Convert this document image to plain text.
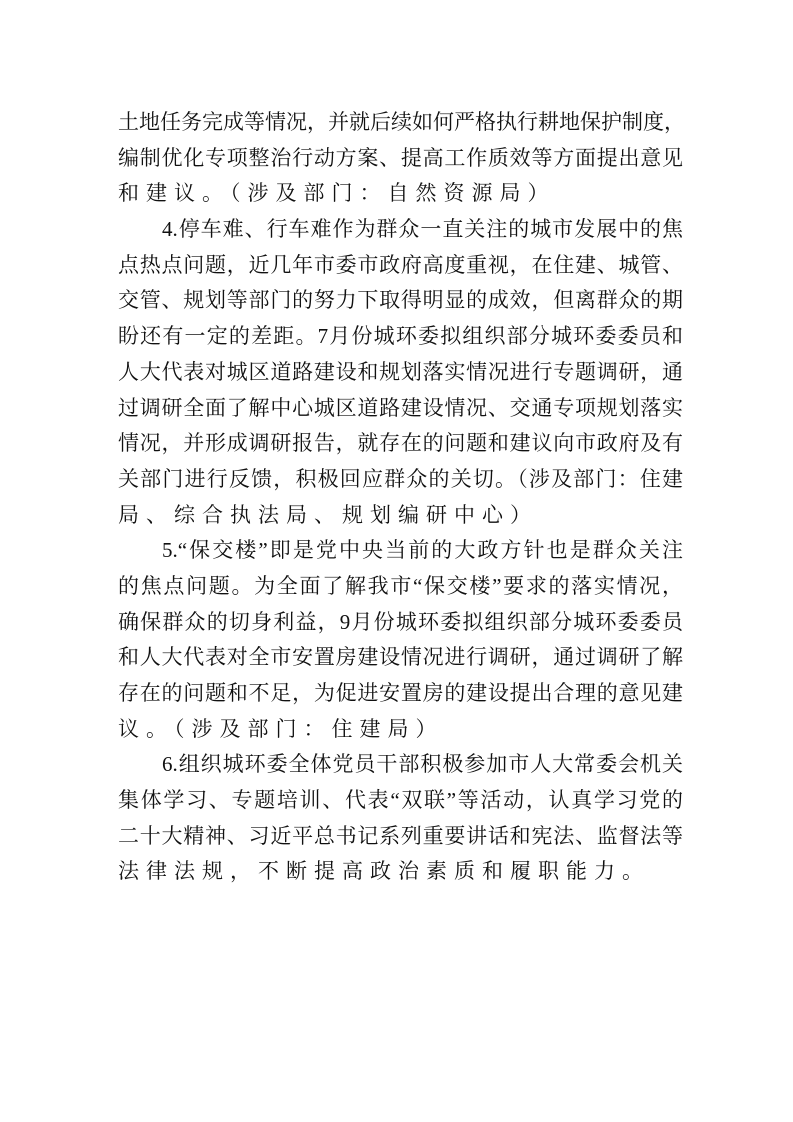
土地任务完成等情况，并就后续如何严格执行耕地保护制度，
编制优化专项整治行动方案、提高工作质效等方面提出意见
和建议。（涉及部门：自然资源局）
4.停车难、行车难作为群众一直关注的城市发展中的焦
点热点问题，近几年市委市政府高度重视，在住建、城管、
交管、规划等部门的努力下取得明显的成效，但离群众的期
盼还有一定的差距。7月份城环委拟组织部分城环委委员和
人大代表对城区道路建设和规划落实情况进行专题调研，通
过调研全面了解中心城区道路建设情况、交通专项规划落实
情况，并形成调研报告，就存在的问题和建议向市政府及有
关部门进行反馈，积极回应群众的关切。（涉及部门：住建
局、综合执法局、规划编研中心）
5.“保交楼”即是党中央当前的大政方针也是群众关注
的焦点问题。为全面了解我市“保交楼”要求的落实情况，
确保群众的切身利益，9月份城环委拟组织部分城环委委员
和人大代表对全市安置房建设情况进行调研，通过调研了解
存在的问题和不足，为促进安置房的建设提出合理的意见建
议。（涉及部门：住建局）
6.组织城环委全体党员干部积极参加市人大常委会机关
集体学习、专题培训、代表“双联”等活动，认真学习党的
二十大精神、习近平总书记系列重要讲话和宪法、监督法等
法律法规，不断提高政治素质和履职能力。
